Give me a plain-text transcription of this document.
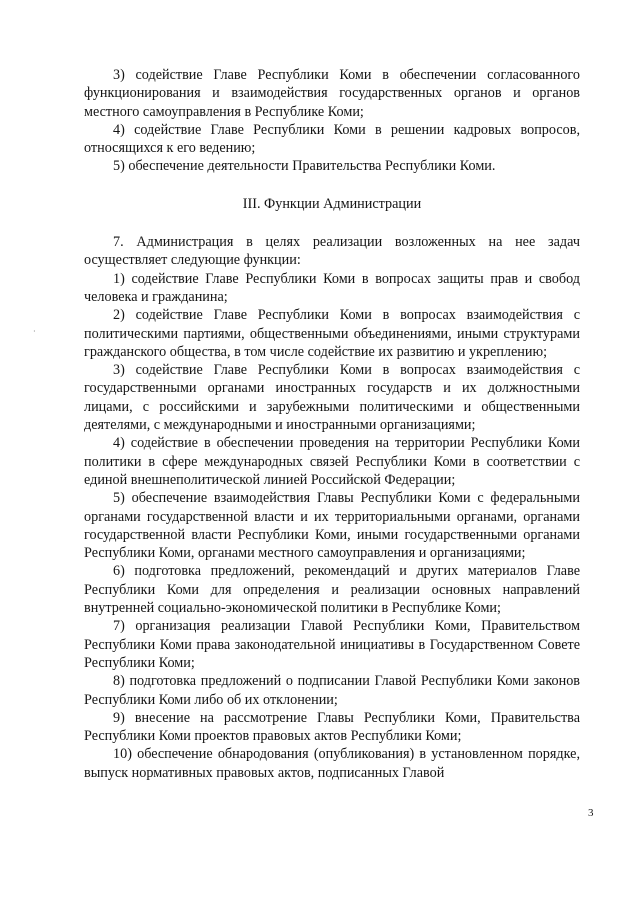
3) содействие Главе Республики Коми в обеспечении согласованного функционирования и взаимодействия государственных органов и органов местного самоуправления в Республике Коми;

4) содействие Главе Республики Коми в решении кадровых вопросов, относящихся к его ведению;

5) обеспечение деятельности Правительства Республики Коми.

III. Функции Администрации

7. Администрация в целях реализации возложенных на нее задач осуществляет следующие функции:

1) содействие Главе Республики Коми в вопросах защиты прав и свобод человека и гражданина;

2) содействие Главе Республики Коми в вопросах взаимодействия с политическими партиями, общественными объединениями, иными структурами гражданского общества, в том числе содействие их развитию и укреплению;

3) содействие Главе Республики Коми в вопросах взаимодействия с государственными органами иностранных государств и их должностными лицами, с российскими и зарубежными политическими и общественными деятелями, с международными и иностранными организациями;

4) содействие в обеспечении проведения на территории Республики Коми политики в сфере международных связей Республики Коми в соответствии с единой внешнеполитической линией Российской Федерации;

5) обеспечение взаимодействия Главы Республики Коми с федеральными органами государственной власти и их территориальными органами, органами государственной власти Республики Коми, иными государственными органами Республики Коми, органами местного самоуправления и организациями;

6) подготовка предложений, рекомендаций и других материалов Главе Республики Коми для определения и реализации основных направлений внутренней социально-экономической политики в Республике Коми;

7) организация реализации Главой Республики Коми, Правительством Республики Коми права законодательной инициативы в Государственном Совете Республики Коми;

8) подготовка предложений о подписании Главой Республики Коми законов Республики Коми либо об их отклонении;

9) внесение на рассмотрение Главы Республики Коми, Правительства Республики Коми проектов правовых актов Республики Коми;

10) обеспечение обнародования (опубликования) в установленном порядке, выпуск нормативных правовых актов, подписанных Главой

·
3
